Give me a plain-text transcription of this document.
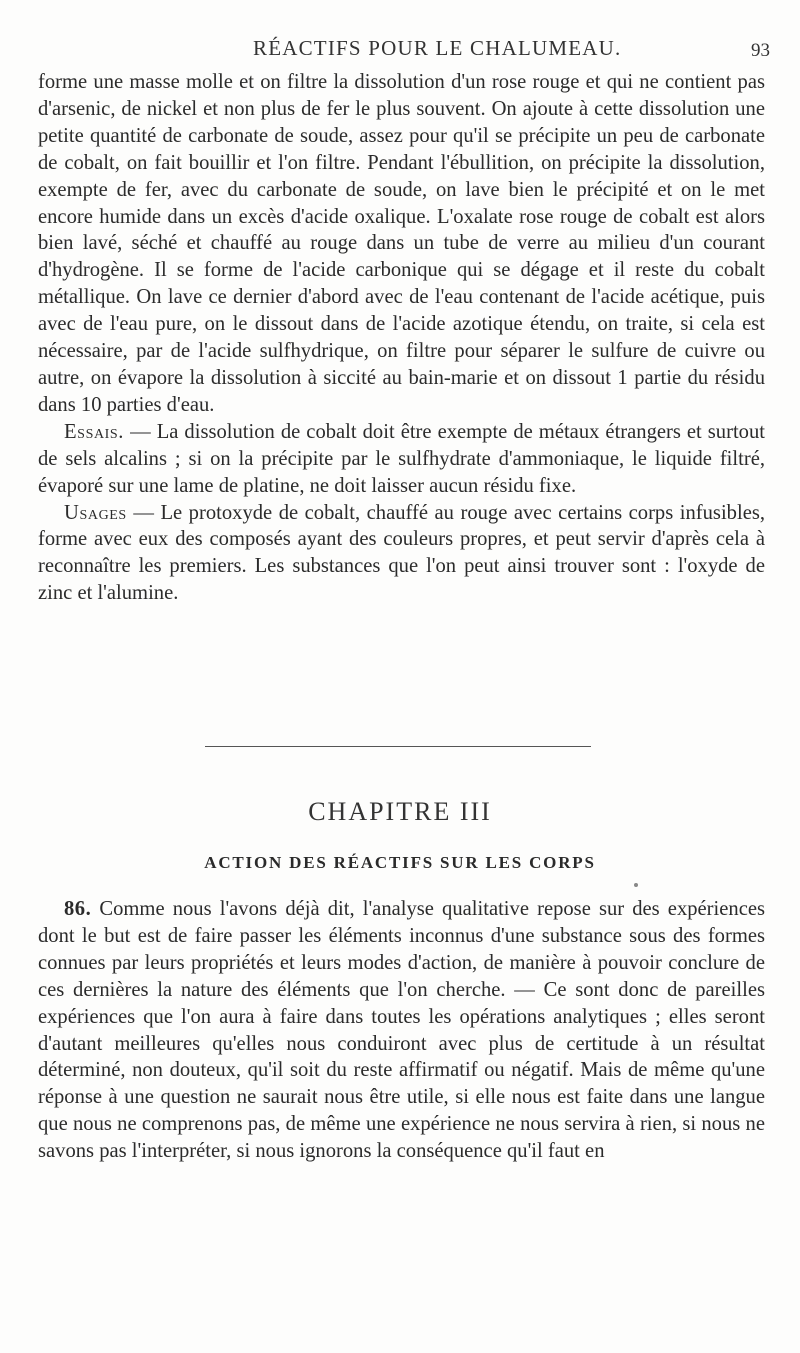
RÉACTIFS POUR LE CHALUMEAU.	93

forme une masse molle et on filtre la dissolution d'un rose rouge et qui ne contient pas d'arsenic, de nickel et non plus de fer le plus souvent. On ajoute à cette dissolution une petite quantité de carbonate de soude, assez pour qu'il se précipite un peu de carbonate de cobalt, on fait bouillir et l'on filtre. Pendant l'ébullition, on précipite la dissolution, exempte de fer, avec du carbonate de soude, on lave bien le précipité et on le met encore humide dans un excès d'acide oxalique. L'oxalate rose rouge de cobalt est alors bien lavé, séché et chauffé au rouge dans un tube de verre au milieu d'un courant d'hydrogène. Il se forme de l'acide carbonique qui se dégage et il reste du cobalt métallique. On lave ce dernier d'abord avec de l'eau contenant de l'acide acétique, puis avec de l'eau pure, on le dissout dans de l'acide azotique étendu, on traite, si cela est nécessaire, par de l'acide sulfhydrique, on filtre pour séparer le sulfure de cuivre ou autre, on évapore la dissolution à siccité au bain-marie et on dissout 1 partie du résidu dans 10 parties d'eau.

Essais. — La dissolution de cobalt doit être exempte de métaux étrangers et surtout de sels alcalins ; si on la précipite par le sulfhydrate d'ammoniaque, le liquide filtré, évaporé sur une lame de platine, ne doit laisser aucun résidu fixe.

Usages — Le protoxyde de cobalt, chauffé au rouge avec certains corps infusibles, forme avec eux des composés ayant des couleurs propres, et peut servir d'après cela à reconnaître les premiers. Les substances que l'on peut ainsi trouver sont : l'oxyde de zinc et l'alumine.

CHAPITRE III
ACTION DES RÉACTIFS SUR LES CORPS

86. Comme nous l'avons déjà dit, l'analyse qualitative repose sur des expériences dont le but est de faire passer les éléments inconnus d'une substance sous des formes connues par leurs propriétés et leurs modes d'action, de manière à pouvoir conclure de ces dernières la nature des éléments que l'on cherche. — Ce sont donc de pareilles expériences que l'on aura à faire dans toutes les opérations analytiques ; elles seront d'autant meilleures qu'elles nous conduiront avec plus de certitude à un résultat déterminé, non douteux, qu'il soit du reste affirmatif ou négatif. Mais de même qu'une réponse à une question ne saurait nous être utile, si elle nous est faite dans une langue que nous ne comprenons pas, de même une expérience ne nous servira à rien, si nous ne savons pas l'interpréter, si nous ignorons la conséquence qu'il faut en
